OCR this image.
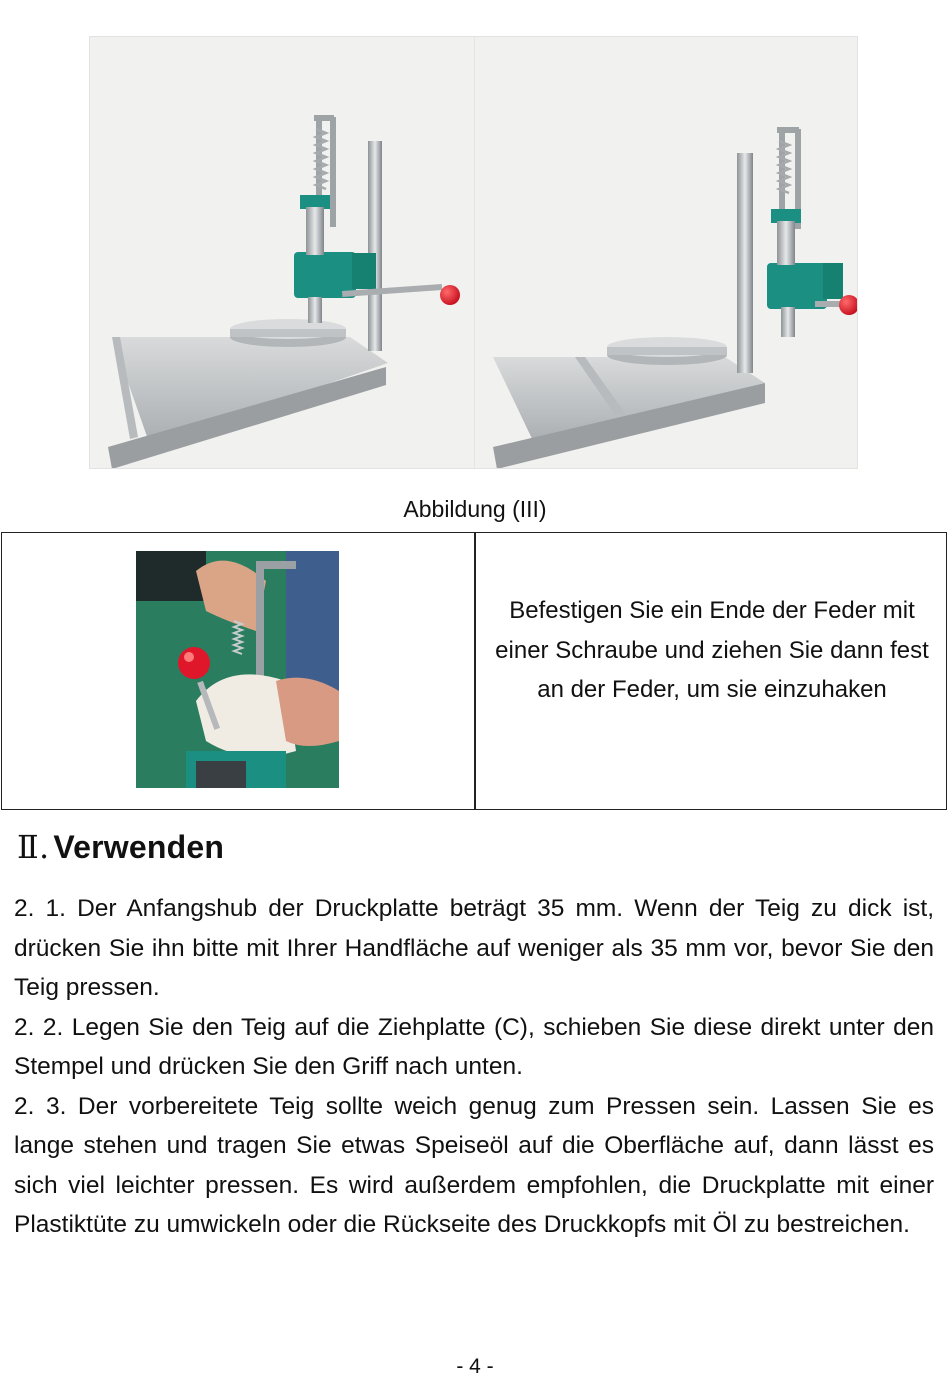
Abbildung (III)
Befestigen Sie ein Ende der Feder mit einer Schraube und ziehen Sie dann fest an der Feder, um sie einzuhaken
Ⅱ. Verwenden

2. 1. Der Anfangshub der Druckplatte beträgt 35 mm. Wenn der Teig zu dick ist, drücken Sie ihn bitte mit Ihrer Handfläche auf weniger als 35 mm vor, bevor Sie den Teig pressen.

2. 2. Legen Sie den Teig auf die Ziehplatte (C), schieben Sie diese direkt unter den Stempel und drücken Sie den Griff nach unten.

2. 3. Der vorbereitete Teig sollte weich genug zum Pressen sein. Lassen Sie es lange stehen und tragen Sie etwas Speiseöl auf die Oberfläche auf, dann lässt es sich viel leichter pressen. Es wird außerdem empfohlen, die Druckplatte mit einer Plastiktüte zu umwickeln oder die Rückseite des Druckkopfs mit Öl zu bestreichen.

- 4 -
